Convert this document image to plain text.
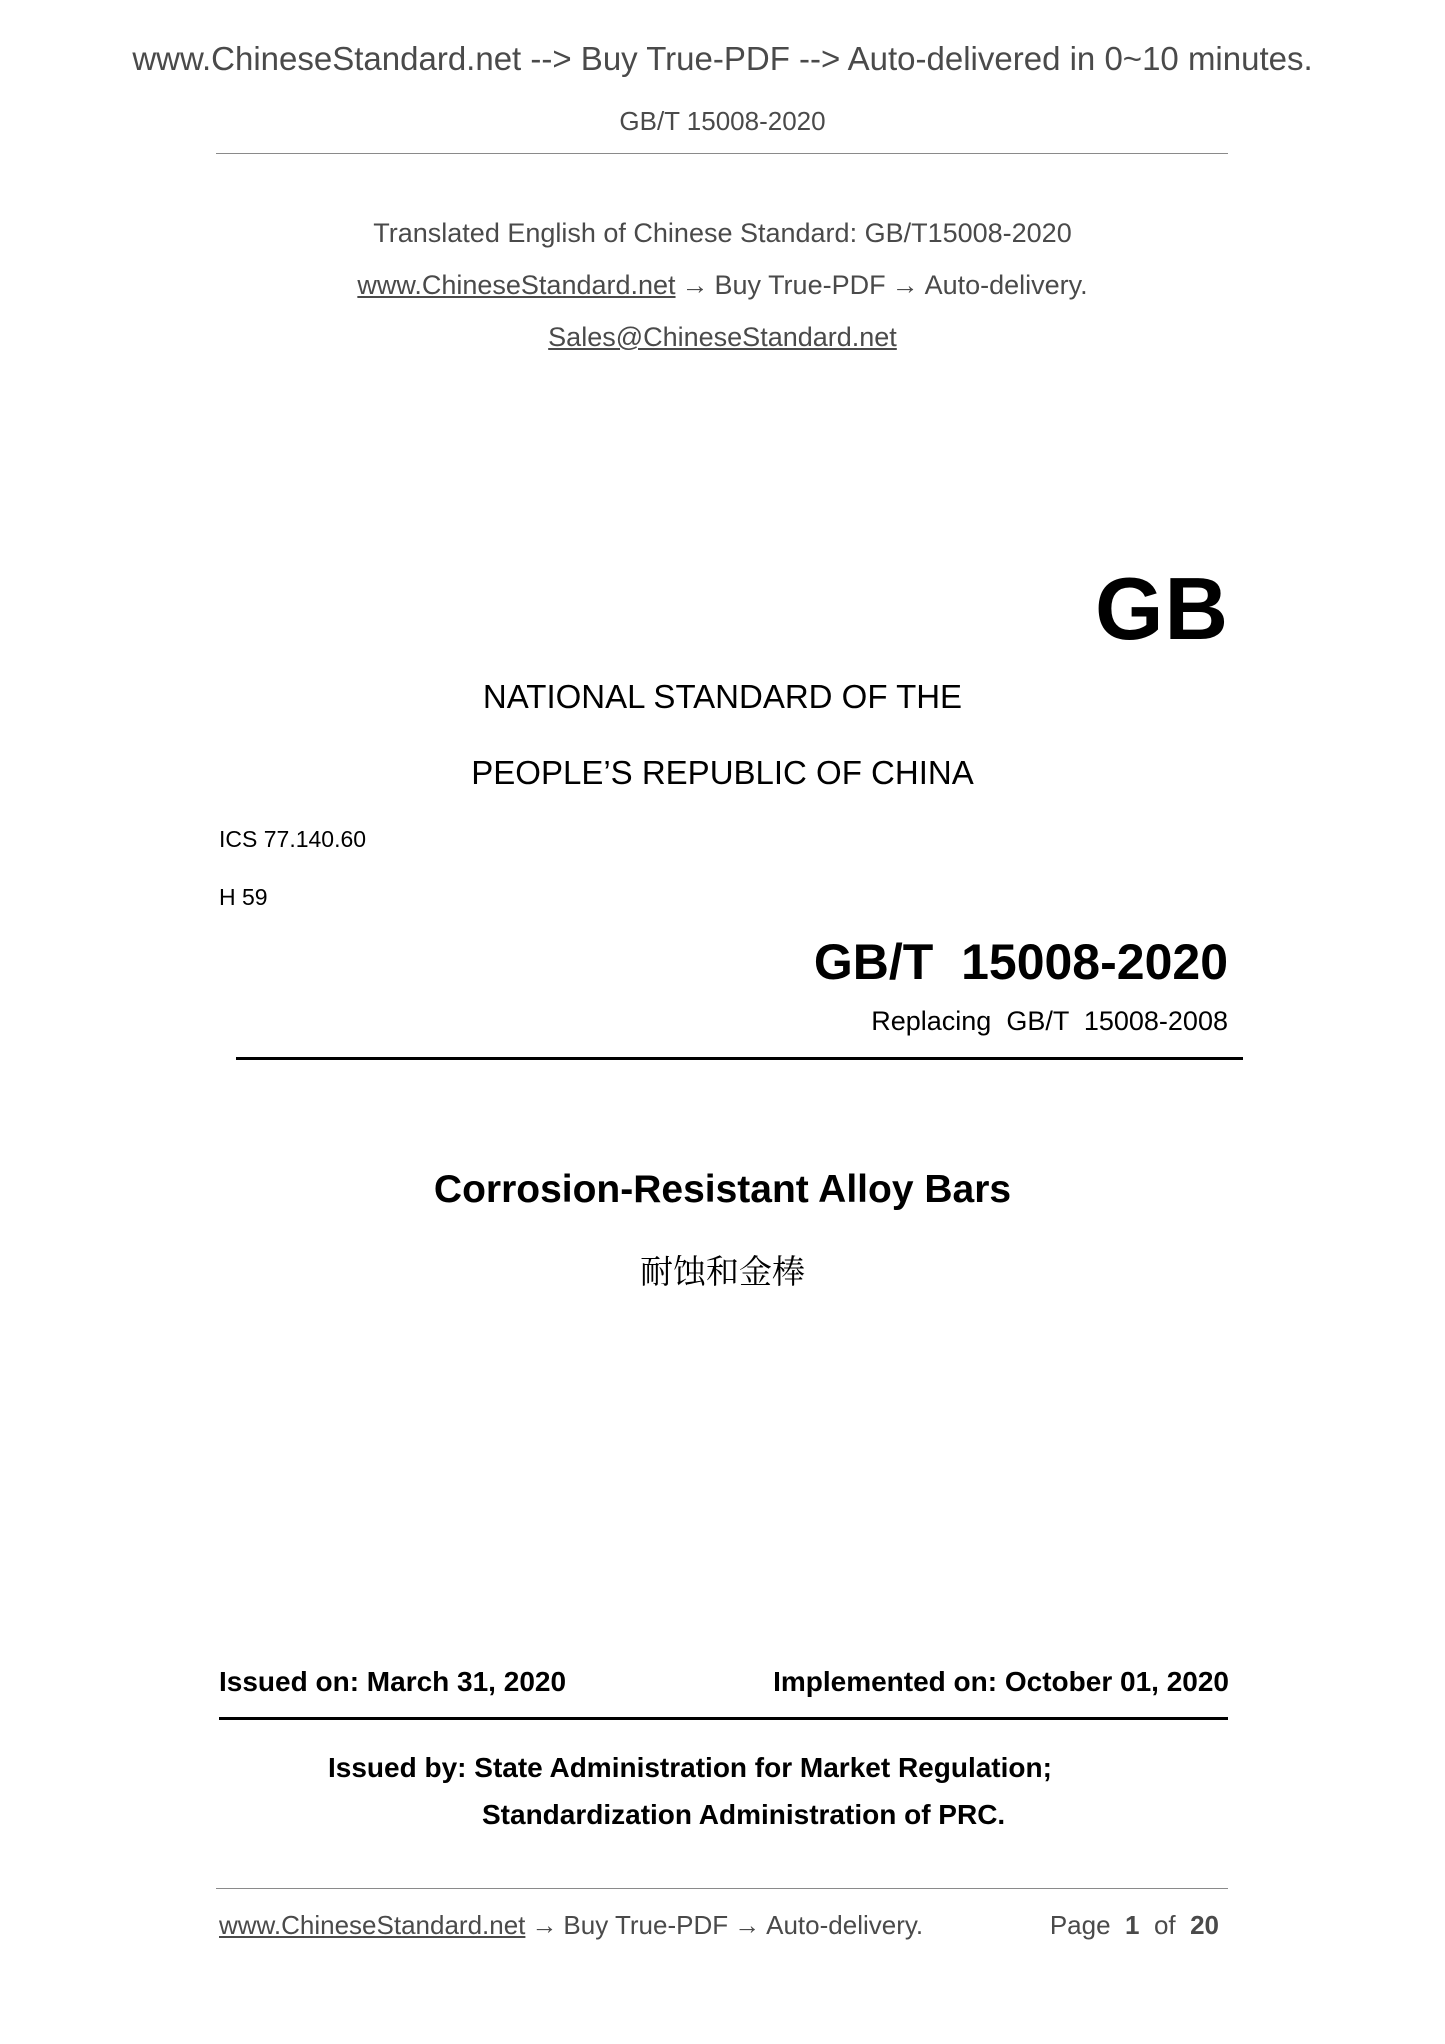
www.ChineseStandard.net --> Buy True-PDF --> Auto-delivered in 0~10 minutes.
GB/T 15008-2020
Translated English of Chinese Standard: GB/T15008-2020
www.ChineseStandard.net → Buy True-PDF → Auto-delivery.
Sales@ChineseStandard.net
GB
NATIONAL STANDARD OF THE
PEOPLE’S REPUBLIC OF CHINA
ICS 77.140.60
H 59
GB/T  15008-2020
Replacing  GB/T  15008-2008
Corrosion-Resistant Alloy Bars
耐蚀和金棒
Issued on: March 31, 2020	Implemented on: October 01, 2020
Issued by: State Administration for Market Regulation;
Standardization Administration of PRC.
www.ChineseStandard.net → Buy True-PDF → Auto-delivery.	Page 1 of 20
